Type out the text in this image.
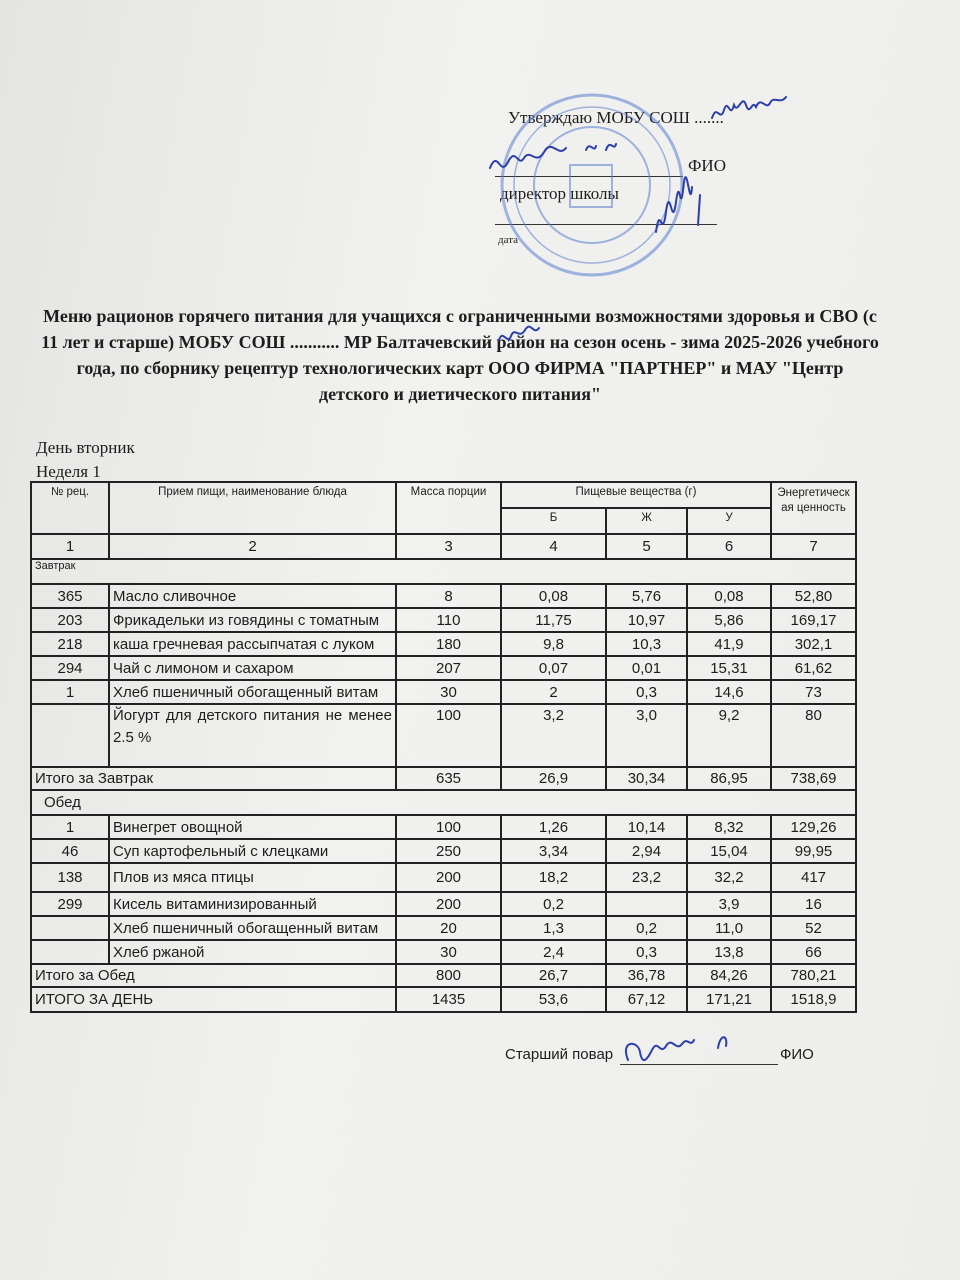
Утверждаю МОБУ СОШ .......
ФИО
директор школы
дата
Меню рационов горячего питания для учащихся с ограниченными возможностями здоровья и СВО (с 11 лет и старше) МОБУ СОШ ........... МР Балтачевский район на сезон осень - зима 2025-2026 учебного года, по сборнику рецептур технологических карт ООО ФИРМА "ПАРТНЕР" и МАУ "Центр детского и диетического питания"
День вторник
Неделя 1
№ рец.	Прием пищи, наименование блюда	Масса порции	Пищевые вещества (г)			Энергетическая ценность
			Б	Ж	У	
1	2	3	4	5	6	7
Завтрак						
365	Масло сливочное	8	0,08	5,76	0,08	52,80
203	Фрикадельки из говядины с томатным	110	11,75	10,97	5,86	169,17
218	каша гречневая рассыпчатая с луком	180	9,8	10,3	41,9	302,1
294	Чай с лимоном и сахаром	207	0,07	0,01	15,31	61,62
1	Хлеб пшеничный обогащенный витам	30	2	0,3	14,6	73
	Йогурт для детского питания не менее 2.5 %	100	3,2	3,0	9,2	80
Итого за Завтрак		635	26,9	30,34	86,95	738,69
Обед						
1	Винегрет овощной	100	1,26	10,14	8,32	129,26
46	Суп картофельный с клецками	250	3,34	2,94	15,04	99,95
138	Плов из мяса птицы	200	18,2	23,2	32,2	417
299	Кисель витаминизированный	200	0,2		3,9	16
	Хлеб пшеничный обогащенный витам	20	1,3	0,2	11,0	52
	Хлеб ржаной	30	2,4	0,3	13,8	66
Итого за Обед		800	26,7	36,78	84,26	780,21
ИТОГО ЗА ДЕНЬ		1435	53,6	67,12	171,21	1518,9
Старший повар	ФИО
